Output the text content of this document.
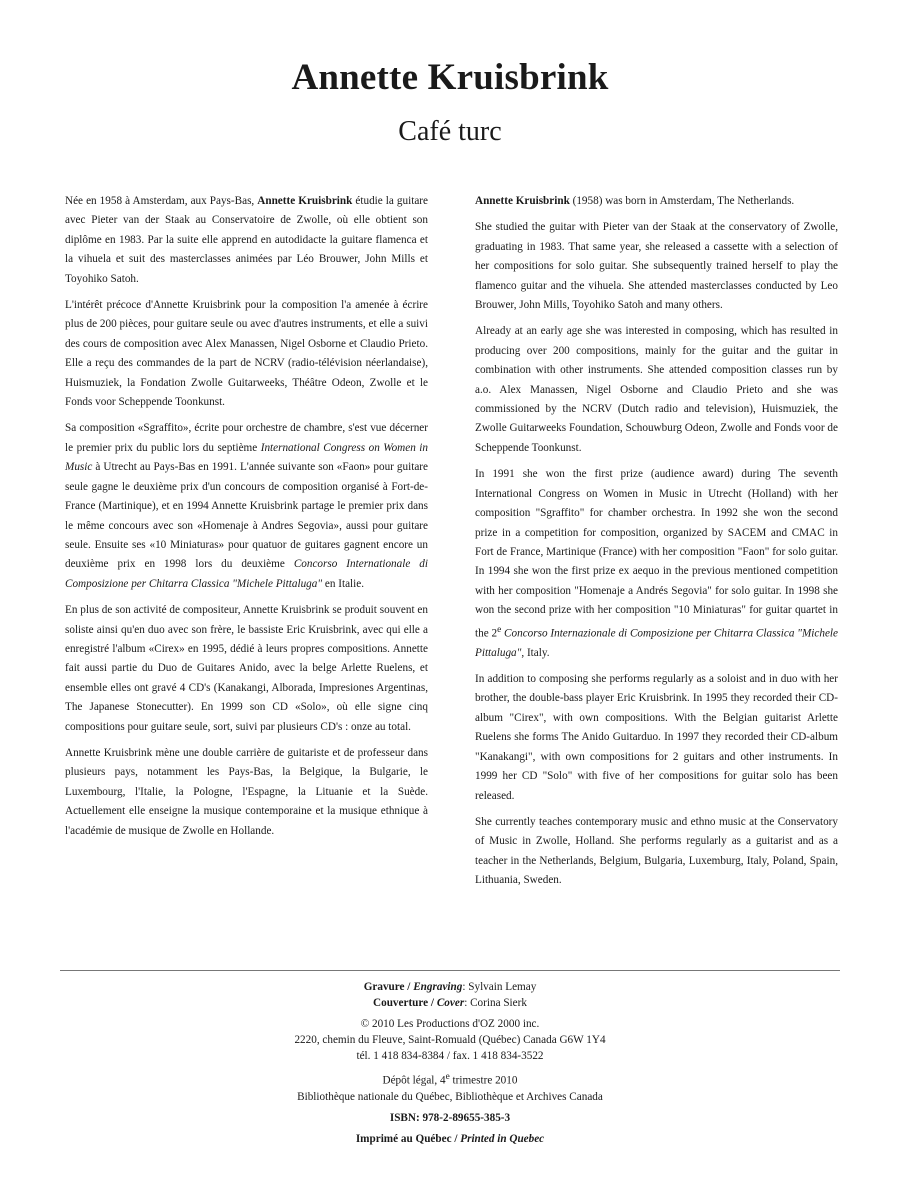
Annette Kruisbrink
Café turc

Née en 1958 à Amsterdam, aux Pays-Bas, Annette Kruisbrink étudie la guitare avec Pieter van der Staak au Conservatoire de Zwolle, où elle obtient son diplôme en 1983. Par la suite elle apprend en autodidacte la guitare flamenca et la vihuela et suit des masterclasses animées par Léo Brouwer, John Mills et Toyohiko Satoh.

L'intérêt précoce d'Annette Kruisbrink pour la composition l'a amenée à écrire plus de 200 pièces, pour guitare seule ou avec d'autres instruments, et elle a suivi des cours de composition avec Alex Manassen, Nigel Osborne et Claudio Prieto. Elle a reçu des commandes de la part de NCRV (radio-télévision néerlandaise), Huismuziek, la Fondation Zwolle Guitarweeks, Théâtre Odeon, Zwolle et le Fonds voor Scheppende Toonkunst.

Sa composition «Sgraffito», écrite pour orchestre de chambre, s'est vue décerner le premier prix du public lors du septième International Congress on Women in Music à Utrecht au Pays-Bas en 1991. L'année suivante son «Faon» pour guitare seule gagne le deuxième prix d'un concours de composition organisé à Fort-de-France (Martinique), et en 1994 Annette Kruisbrink partage le premier prix dans le même concours avec son «Homenaje à Andres Segovia», aussi pour guitare seule. Ensuite ses «10 Miniaturas» pour quatuor de guitares gagnent encore un deuxième prix en 1998 lors du deuxième Concorso Internationale di Composizione per Chitarra Classica "Michele Pittaluga" en Italie.

En plus de son activité de compositeur, Annette Kruisbrink se produit souvent en soliste ainsi qu'en duo avec son frère, le bassiste Eric Kruisbrink, avec qui elle a enregistré l'album «Cirex» en 1995, dédié à leurs propres compositions. Annette fait aussi partie du Duo de Guitares Anido, avec la belge Arlette Ruelens, et ensemble elles ont gravé 4 CD's (Kanakangi, Alborada, Impresiones Argentinas, The Japanese Stonecutter). En 1999 son CD «Solo», où elle signe cinq compositions pour guitare seule, sort, suivi par plusieurs CD's : onze au total.

Annette Kruisbrink mène une double carrière de guitariste et de professeur dans plusieurs pays, notamment les Pays-Bas, la Belgique, la Bulgarie, le Luxembourg, l'Italie, la Pologne, l'Espagne, la Lituanie et la Suède. Actuellement elle enseigne la musique contemporaine et la musique ethnique à l'académie de musique de Zwolle en Hollande.

Annette Kruisbrink (1958) was born in Amsterdam, The Netherlands.

She studied the guitar with Pieter van der Staak at the conservatory of Zwolle, graduating in 1983. That same year, she released a cassette with a selection of her compositions for solo guitar. She subsequently trained herself to play the flamenco guitar and the vihuela. She attended masterclasses conducted by Leo Brouwer, John Mills, Toyohiko Satoh and many others.

Already at an early age she was interested in composing, which has resulted in producing over 200 compositions, mainly for the guitar and the guitar in combination with other instruments. She attended composition classes run by a.o. Alex Manassen, Nigel Osborne and Claudio Prieto and she was commissioned by the NCRV (Dutch radio and television), Huismuziek, the Zwolle Guitarweeks Foundation, Schouwburg Odeon, Zwolle and Fonds voor de Scheppende Toonkunst.

In 1991 she won the first prize (audience award) during The seventh International Congress on Women in Music in Utrecht (Holland) with her composition "Sgraffito" for chamber orchestra. In 1992 she won the second prize in a competition for composition, organized by SACEM and CMAC in Fort de France, Martinique (France) with her composition "Faon" for solo guitar. In 1994 she won the first prize ex aequo in the previous mentioned competition with her composition "Homenaje a Andrés Segovia" for solo guitar. In 1998 she won the second prize with her composition "10 Miniaturas" for guitar quartet in the 2e Concorso Internazionale di Composizione per Chitarra Classica "Michele Pittaluga", Italy.

In addition to composing she performs regularly as a soloist and in duo with her brother, the double-bass player Eric Kruisbrink. In 1995 they recorded their CD-album "Cirex", with own compositions. With the Belgian guitarist Arlette Ruelens she forms The Anido Guitarduo. In 1997 they recorded their CD-album "Kanakangi", with own compositions for 2 guitars and other instruments. In 1999 her CD "Solo" with five of her compositions for guitar solo has been released.

She currently teaches contemporary music and ethno music at the Conservatory of Music in Zwolle, Holland. She performs regularly as a guitarist and as a teacher in the Netherlands, Belgium, Bulgaria, Luxemburg, Italy, Poland, Spain, Lithuania, Sweden.

Gravure / Engraving: Sylvain Lemay
Couverture / Cover: Corina Sierk
© 2010 Les Productions d'OZ 2000 inc.
2220, chemin du Fleuve, Saint-Romuald (Québec) Canada G6W 1Y4
tél. 1 418 834-8384 / fax. 1 418 834-3522
Dépôt légal, 4e trimestre 2010
Bibliothèque nationale du Québec, Bibliothèque et Archives Canada
ISBN: 978-2-89655-385-3
Imprimé au Québec / Printed in Quebec
